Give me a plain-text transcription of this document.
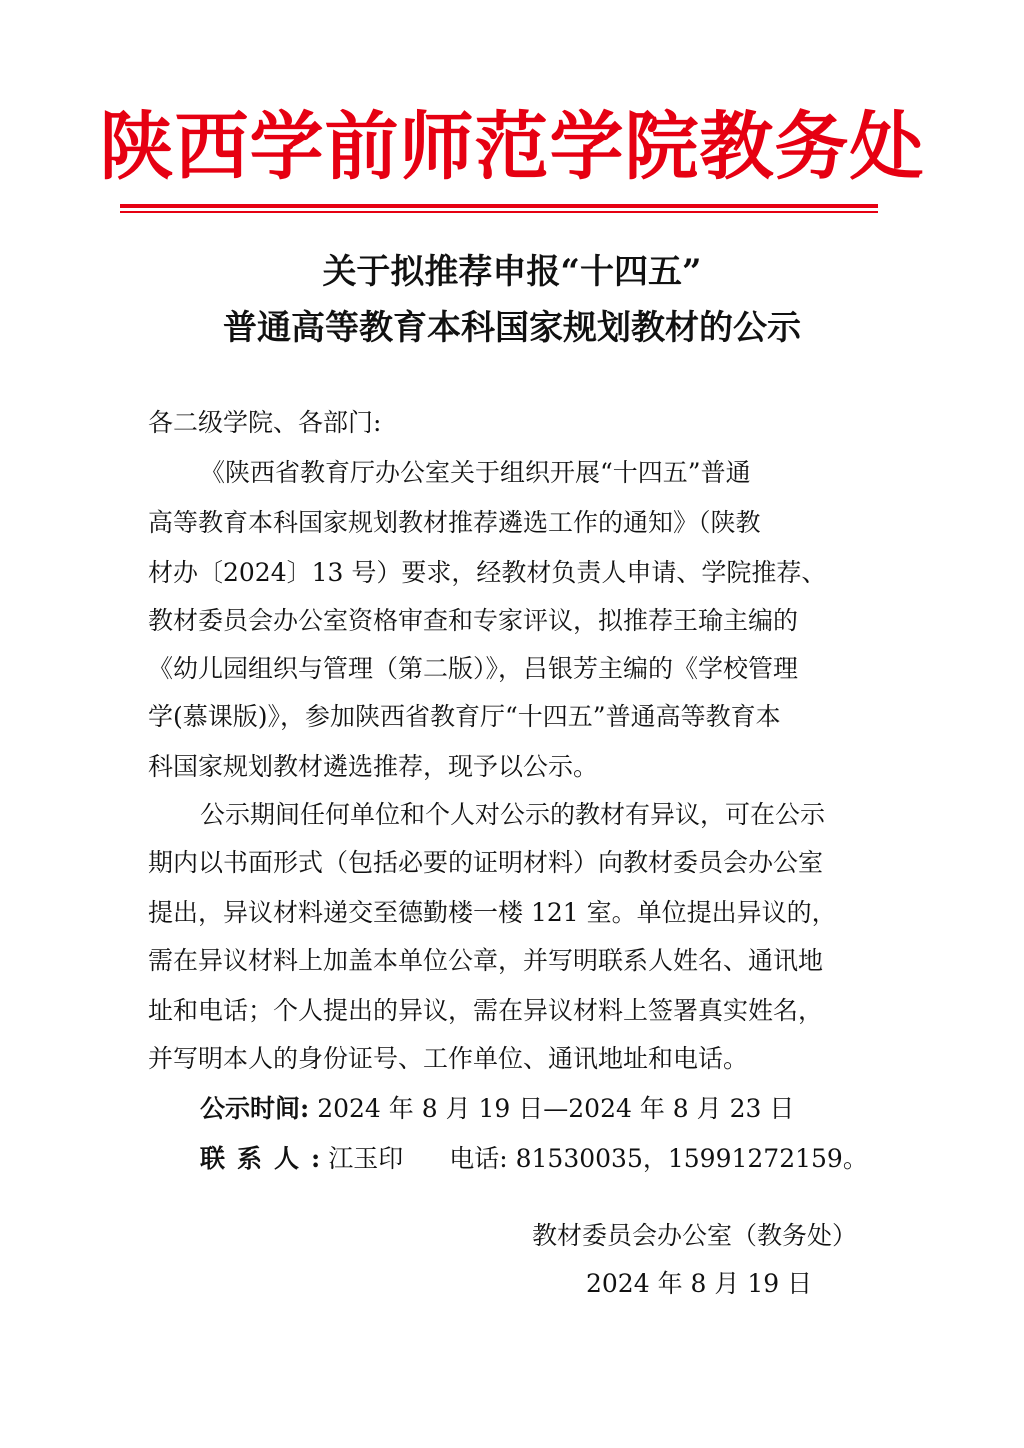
陕西学前师范学院教务处
关于拟推荐申报“十四五”
普通高等教育本科国家规划教材的公示
各二级学院、各部门:
《陕西省教育厅办公室关于组织开展“十四五”普通
高等教育本科国家规划教材推荐遴选工作的通知》（陕教
材办〔2024〕13 号）要求，经教材负责人申请、学院推荐、
教材委员会办公室资格审查和专家评议，拟推荐王瑜主编的
《幼儿园组织与管理（第二版）》，吕银芳主编的《学校管理
学(慕课版)》，参加陕西省教育厅“十四五”普通高等教育本
科国家规划教材遴选推荐，现予以公示。
公示期间任何单位和个人对公示的教材有异议，可在公示
期内以书面形式（包括必要的证明材料）向教材委员会办公室
提出，异议材料递交至德勤楼一楼 121 室。单位提出异议的，
需在异议材料上加盖本单位公章，并写明联系人姓名、通讯地
址和电话；个人提出的异议，需在异议材料上签署真实姓名，
并写明本人的身份证号、工作单位、通讯地址和电话。
公示时间: 2024 年 8 月 19 日—2024 年 8 月 23 日
联系人: 江玉印 电话: 81530035，15991272159。
教材委员会办公室（教务处）
2024 年 8 月 19 日
